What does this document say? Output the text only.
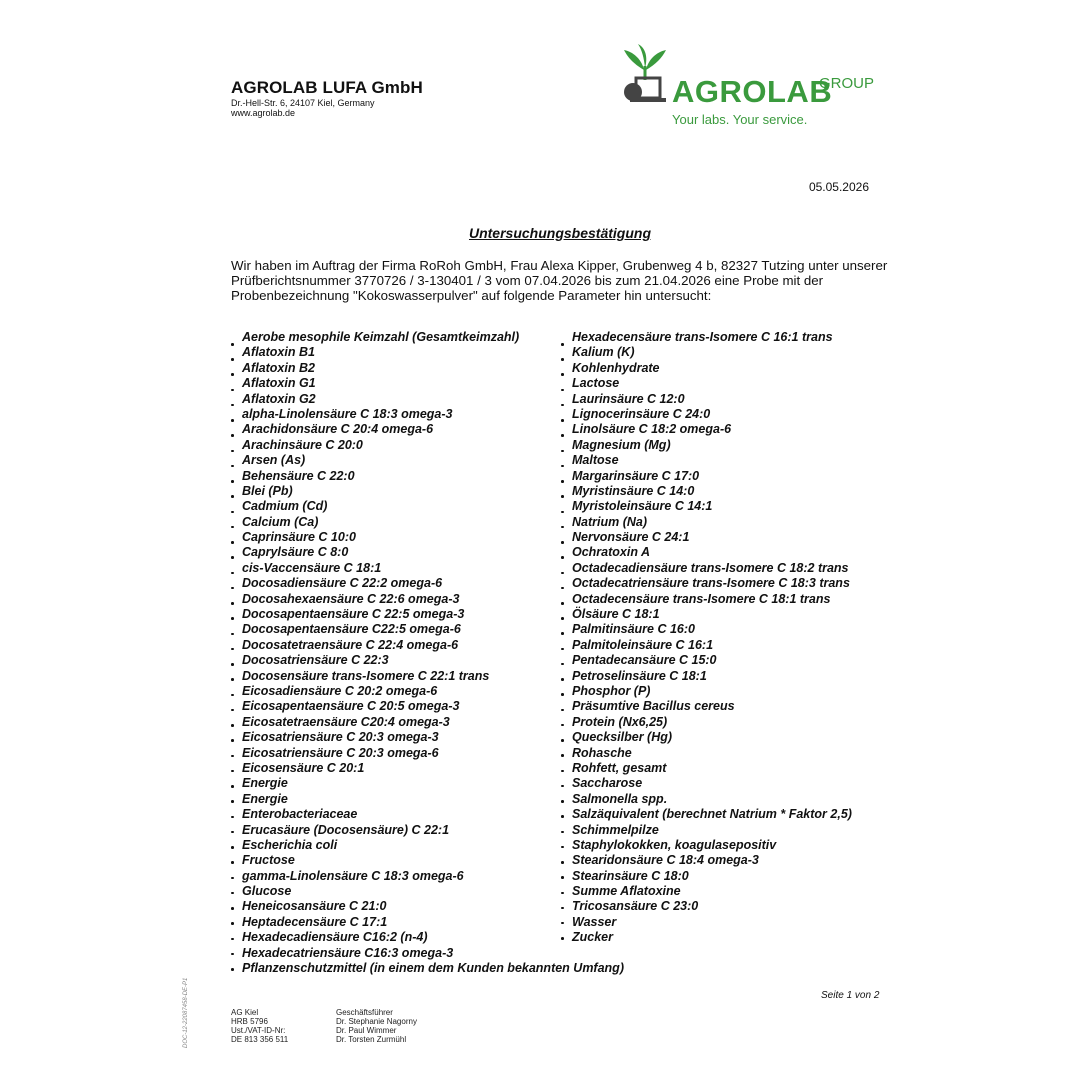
AGROLAB LUFA GmbH
Dr.-Hell-Str. 6, 24107 Kiel, Germany
www.agrolab.de
AGROLAB
GROUP
Your labs. Your service.
05.05.2026
Untersuchungsbestätigung
Wir haben im Auftrag der Firma RoRoh GmbH, Frau Alexa Kipper, Grubenweg 4 b, 82327 Tutzing unter unserer Prüfberichtsnummer 3770726 / 3-130401 / 3 vom 07.04.2026 bis zum 21.04.2026 eine Probe mit der Probenbezeichnung "Kokoswasserpulver" auf folgende Parameter hin untersucht:
Aerobe mesophile Keimzahl (Gesamtkeimzahl)
Aflatoxin B1
Aflatoxin B2
Aflatoxin G1
Aflatoxin G2
alpha-Linolensäure C 18:3 omega-3
Arachidonsäure C 20:4 omega-6
Arachinsäure C 20:0
Arsen (As)
Behensäure C 22:0
Blei (Pb)
Cadmium (Cd)
Calcium (Ca)
Caprinsäure C 10:0
Caprylsäure C 8:0
cis-Vaccensäure C 18:1
Docosadiensäure C 22:2 omega-6
Docosahexaensäure C 22:6 omega-3
Docosapentaensäure C 22:5 omega-3
Docosapentaensäure C22:5 omega-6
Docosatetraensäure C 22:4 omega-6
Docosatriensäure C 22:3
Docosensäure trans-Isomere C 22:1 trans
Eicosadiensäure C 20:2 omega-6
Eicosapentaensäure C 20:5 omega-3
Eicosatetraensäure C20:4 omega-3
Eicosatriensäure C 20:3 omega-3
Eicosatriensäure C 20:3 omega-6
Eicosensäure C 20:1
Energie
Energie
Enterobacteriaceae
Erucasäure (Docosensäure) C 22:1
Escherichia coli
Fructose
gamma-Linolensäure C 18:3 omega-6
Glucose
Heneicosansäure C 21:0
Heptadecensäure C 17:1
Hexadecadiensäure C16:2 (n-4)
Hexadecatriensäure C16:3 omega-3
Pflanzenschutzmittel (in einem dem Kunden bekannten Umfang)
Hexadecensäure trans-Isomere C 16:1 trans
Kalium (K)
Kohlenhydrate
Lactose
Laurinsäure C 12:0
Lignocerinsäure C 24:0
Linolsäure C 18:2 omega-6
Magnesium (Mg)
Maltose
Margarinsäure C 17:0
Myristinsäure C 14:0
Myristoleinsäure C 14:1
Natrium (Na)
Nervonsäure C 24:1
Ochratoxin A
Octadecadiensäure trans-Isomere C 18:2 trans
Octadecatriensäure trans-Isomere C 18:3 trans
Octadecensäure trans-Isomere C 18:1 trans
Ölsäure C 18:1
Palmitinsäure C 16:0
Palmitoleinsäure C 16:1
Pentadecansäure C 15:0
Petroselinsäure C 18:1
Phosphor (P)
Präsumtive Bacillus cereus
Protein (Nx6,25)
Quecksilber (Hg)
Rohasche
Rohfett, gesamt
Saccharose
Salmonella spp.
Salzäquivalent (berechnet Natrium * Faktor 2,5)
Schimmelpilze
Staphylokokken, koagulasepositiv
Stearidonsäure C 18:4 omega-3
Stearinsäure C 18:0
Summe Aflatoxine
Tricosansäure C 23:0
Wasser
Zucker
Seite 1 von 2
AG Kiel
HRB 5796
Ust./VAT-ID-Nr:
DE 813 356 511
Geschäftsführer
Dr. Stephanie Nagorny
Dr. Paul Wimmer
Dr. Torsten Zurmühl
DOC-12-22087458-DE-P1
